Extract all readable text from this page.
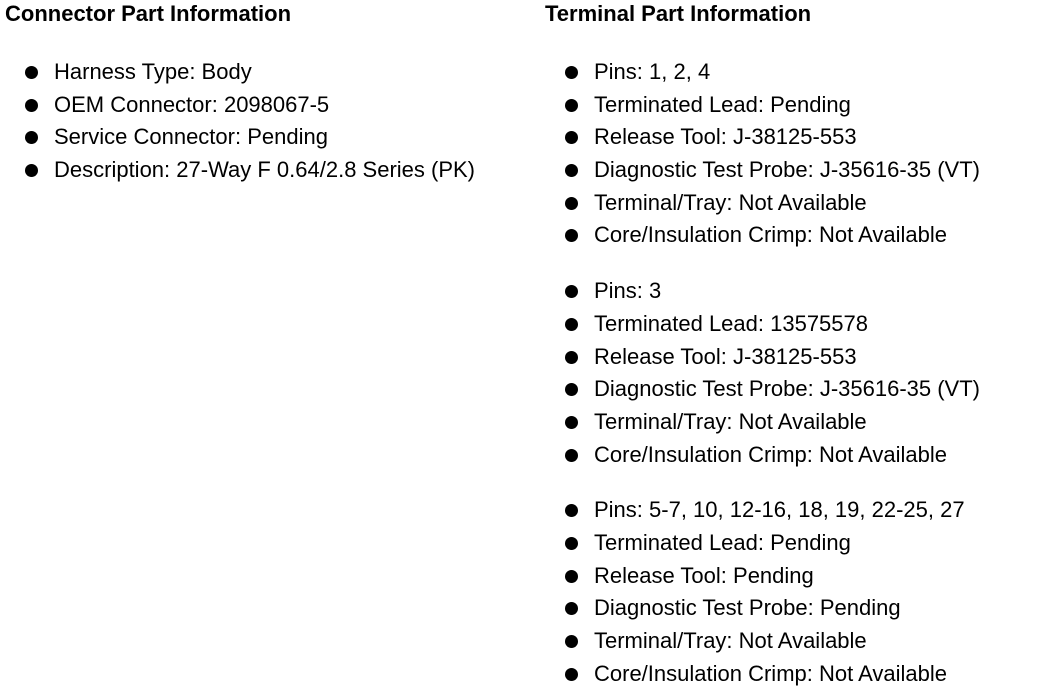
Connector Part Information
Harness Type: Body
OEM Connector: 2098067-5
Service Connector: Pending
Description: 27-Way F 0.64/2.8 Series (PK)
Terminal Part Information
Pins: 1, 2, 4
Terminated Lead: Pending
Release Tool: J-38125-553
Diagnostic Test Probe: J-35616-35 (VT)
Terminal/Tray: Not Available
Core/Insulation Crimp: Not Available
Pins: 3
Terminated Lead: 13575578
Release Tool: J-38125-553
Diagnostic Test Probe: J-35616-35 (VT)
Terminal/Tray: Not Available
Core/Insulation Crimp: Not Available
Pins: 5-7, 10, 12-16, 18, 19, 22-25, 27
Terminated Lead: Pending
Release Tool: Pending
Diagnostic Test Probe: Pending
Terminal/Tray: Not Available
Core/Insulation Crimp: Not Available
